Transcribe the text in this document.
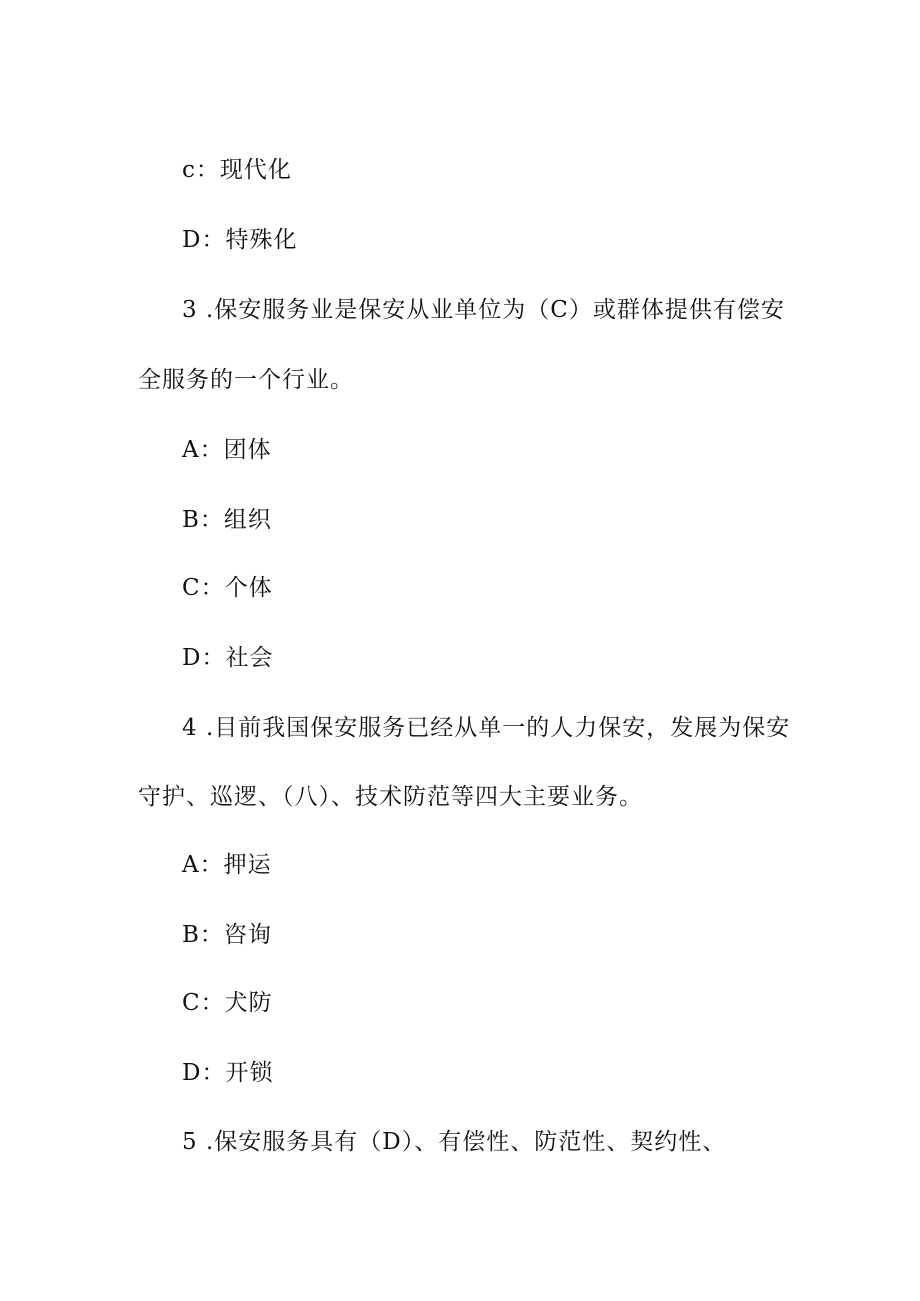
c：现代化
D：特殊化
3 .保安服务业是保安从业单位为（C）或群体提供有偿安
全服务的一个行业。
A：团体
B：组织
C：个体
D：社会
4 .目前我国保安服务已经从单一的人力保安，发展为保安
守护、巡逻、（八）、技术防范等四大主要业务。
A：押运
B：咨询
C：犬防
D：开锁
5 .保安服务具有（D）、有偿性、防范性、契约性、
